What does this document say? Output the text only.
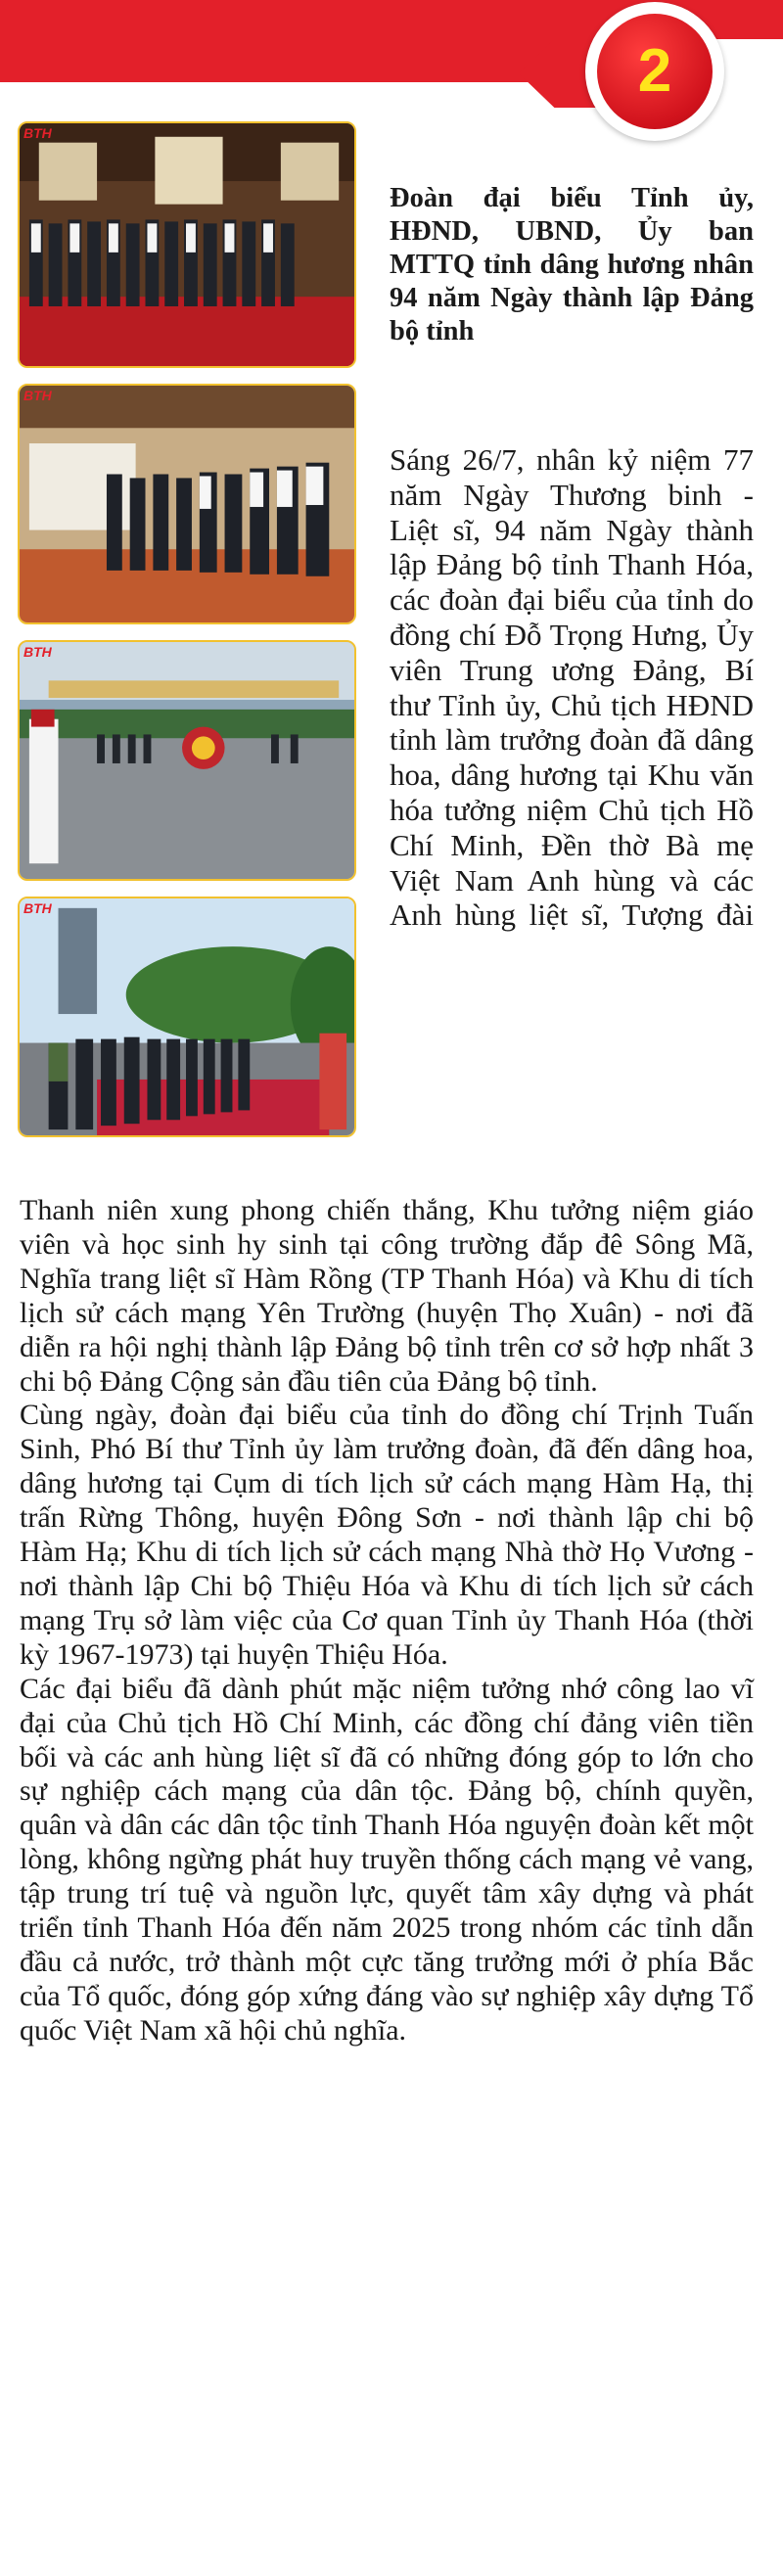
2
BTH
BTH
BTH
BTH
Đoàn đại biểu Tỉnh ủy, HĐND, UBND, Ủy ban MTTQ tỉnh dâng hương nhân 94 năm Ngày thành lập Đảng bộ tỉnh
Sáng 26/7, nhân kỷ niệm 77 năm Ngày Thương binh - Liệt sĩ, 94 năm Ngày thành lập Đảng bộ tỉnh Thanh Hóa, các đoàn đại biểu của tỉnh do đồng chí Đỗ Trọng Hưng, Ủy viên Trung ương Đảng, Bí thư Tỉnh ủy, Chủ tịch HĐND tỉnh làm trưởng đoàn đã dâng hoa, dâng hương tại Khu văn hóa tưởng niệm Chủ tịch Hồ Chí Minh, Đền thờ Bà mẹ Việt Nam Anh hùng và các Anh hùng liệt sĩ, Tượng đài

Thanh niên xung phong chiến thắng, Khu tưởng niệm giáo viên và học sinh hy sinh tại công trường đắp đê Sông Mã, Nghĩa trang liệt sĩ Hàm Rồng (TP Thanh Hóa) và Khu di tích lịch sử cách mạng Yên Trường (huyện Thọ Xuân) - nơi đã diễn ra hội nghị thành lập Đảng bộ tỉnh trên cơ sở hợp nhất 3 chi bộ Đảng Cộng sản đầu tiên của Đảng bộ tỉnh.

Cùng ngày, đoàn đại biểu của tỉnh do đồng chí Trịnh Tuấn Sinh, Phó Bí thư Tỉnh ủy làm trưởng đoàn, đã đến dâng hoa, dâng hương tại Cụm di tích lịch sử cách mạng Hàm Hạ, thị trấn Rừng Thông, huyện Đông Sơn - nơi thành lập chi bộ Hàm Hạ; Khu di tích lịch sử cách mạng Nhà thờ Họ Vương - nơi thành lập Chi bộ Thiệu Hóa và Khu di tích lịch sử cách mạng Trụ sở làm việc của Cơ quan Tỉnh ủy Thanh Hóa (thời kỳ 1967-1973) tại huyện Thiệu Hóa.

Các đại biểu đã dành phút mặc niệm tưởng nhớ công lao vĩ đại của Chủ tịch Hồ Chí Minh, các đồng chí đảng viên tiền bối và các anh hùng liệt sĩ đã có những đóng góp to lớn cho sự nghiệp cách mạng của dân tộc. Đảng bộ, chính quyền, quân và dân các dân tộc tỉnh Thanh Hóa nguyện đoàn kết một lòng, không ngừng phát huy truyền thống cách mạng vẻ vang, tập trung trí tuệ và nguồn lực, quyết tâm xây dựng và phát triển tỉnh Thanh Hóa đến năm 2025 trong nhóm các tỉnh dẫn đầu cả nước, trở thành một cực tăng trưởng mới ở phía Bắc của Tổ quốc, đóng góp xứng đáng vào sự nghiệp xây dựng Tổ quốc Việt Nam xã hội chủ nghĩa.
